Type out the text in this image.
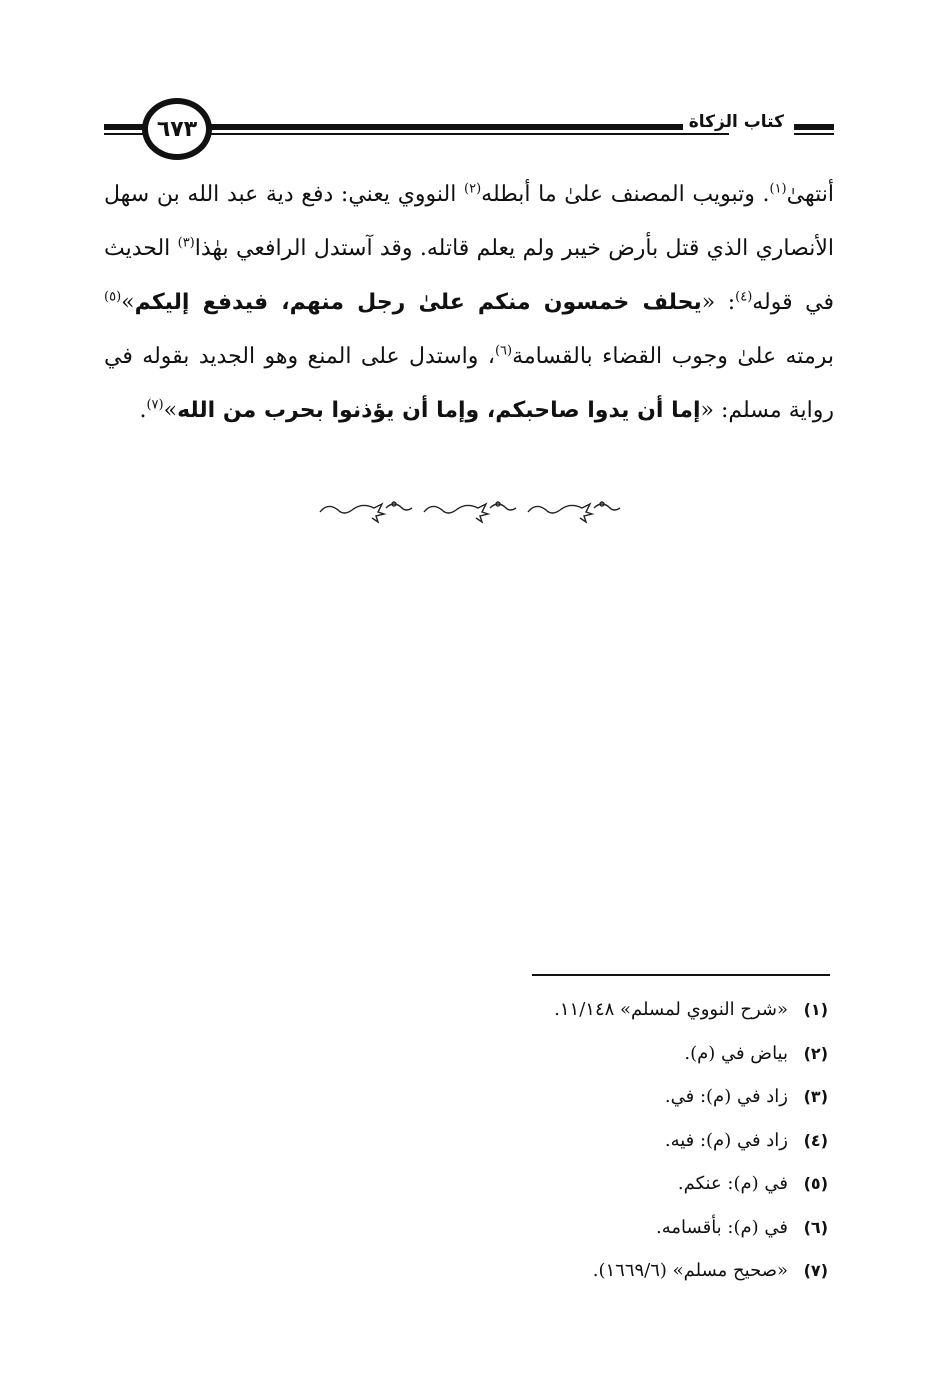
٦٧٣	كتاب الزكاة
أنتهىٰ$^{(١)}$. وتبويب المصنف علىٰ ما أبطله$^{(٢)}$ النووي يعني: دفع دية عبد الله بن سهل الأنصاري الذي قتل بأرض خيبر ولم يعلم قاتله. وقد آستدل الرافعي بهٰذا$^{(٣)}$ الحديث في قوله$^{(٤)}$: «يحلف خمسون منكم علىٰ رجل منهم، فيدفع إليكم»$^{(٥)}$ برمته علىٰ وجوب القضاء بالقسامة$^{(٦)}$، واستدل على المنع وهو الجديد بقوله في رواية مسلم: «إما أن يدوا صاحبكم، وإما أن يؤذنوا بحرب من الله»$^{(٧)}$.
(١)«شرح النووي لمسلم» ١١/١٤٨.
(٢)بياض في (م).
(٣)زاد في (م): في.
(٤)زاد في (م): فيه.
(٥)في (م): عنكم.
(٦)في (م): بأقسامه.
(٧)«صحيح مسلم» (١٦٦٩/٦).
